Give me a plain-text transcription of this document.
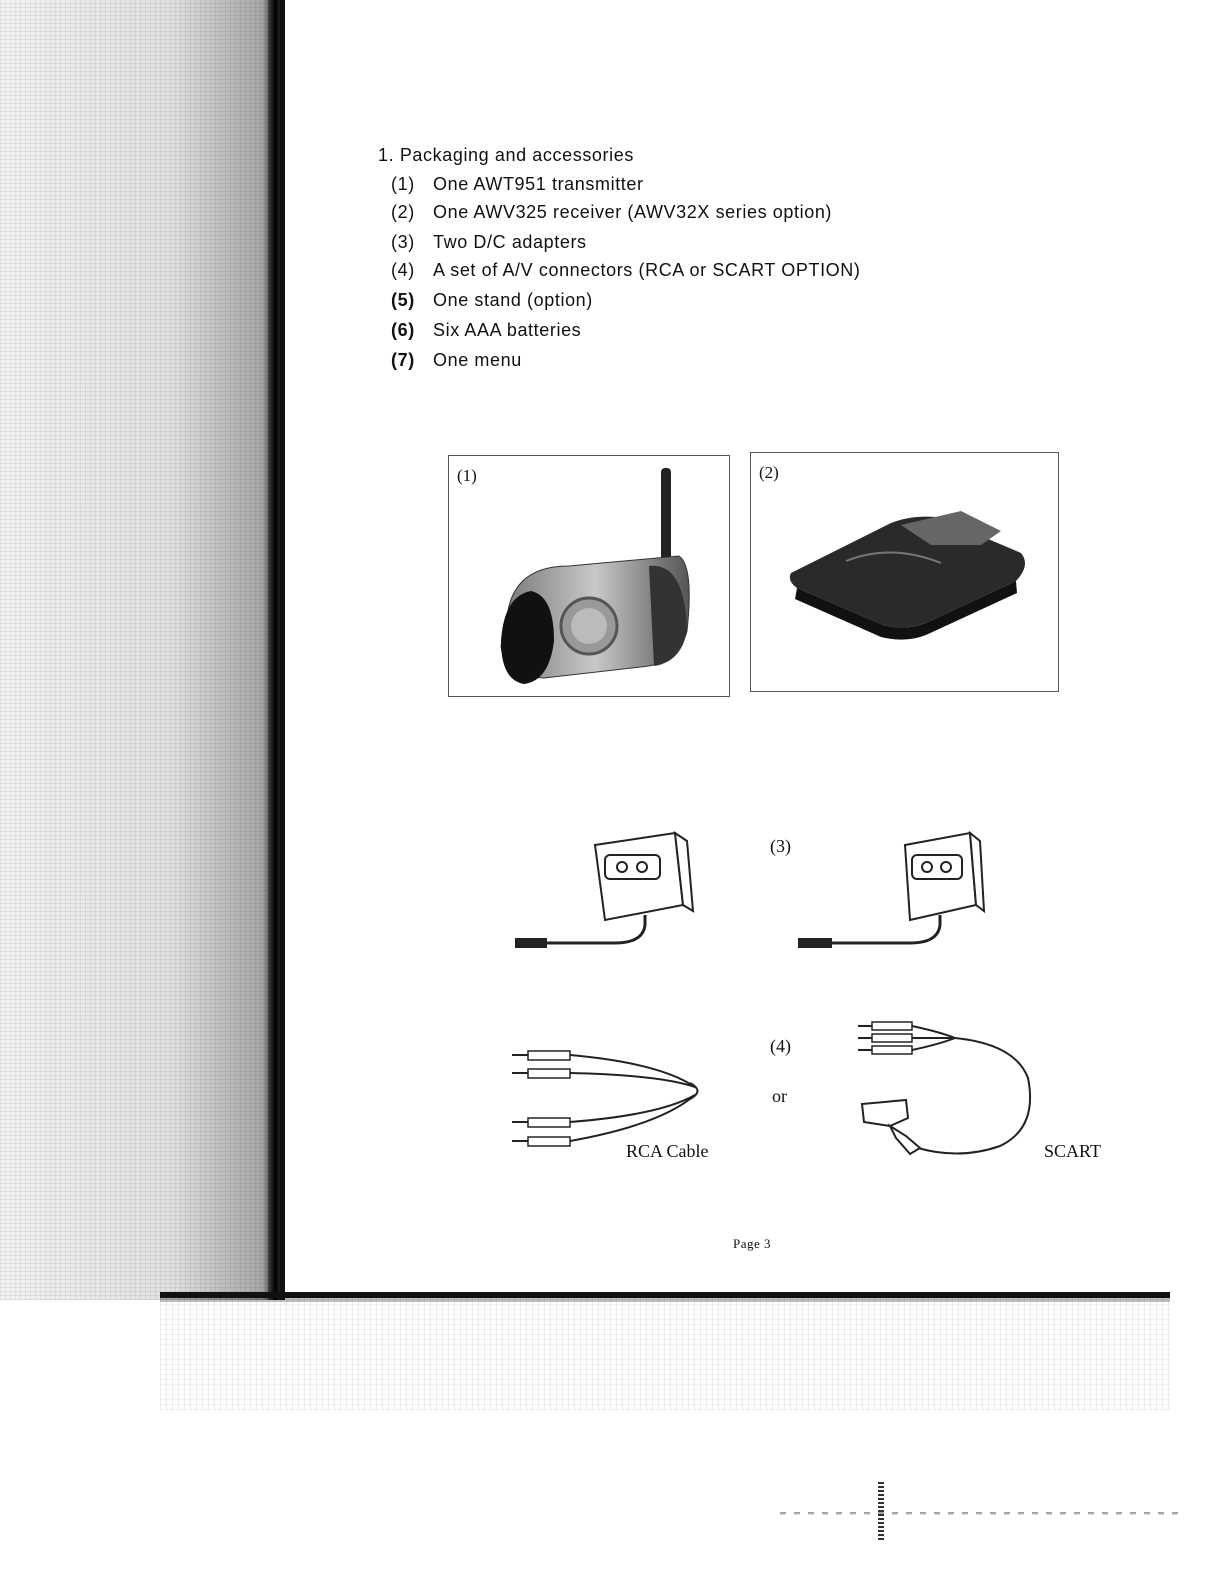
1. Packaging and accessories
(1) One AWT951 transmitter
(2) One AWV325 receiver (AWV32X series option)
(3) Two D/C adapters
(4) A set of A/V connectors (RCA or SCART OPTION)
(5) One stand (option)
(6) Six AAA batteries
(7) One menu
(1)	(2)
(3)
RCA Cable
(4)
or
SCART
Page 3
